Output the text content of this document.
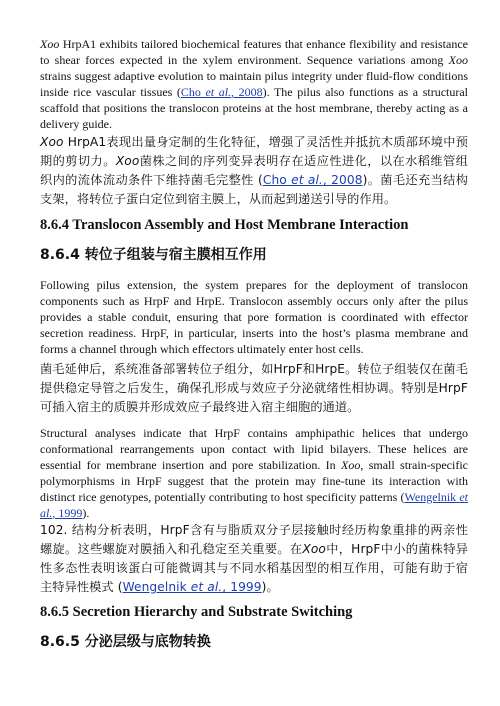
Xoo HrpA1 exhibits tailored biochemical features that enhance flexibility and resistance to shear forces expected in the xylem environment. Sequence variations among Xoo strains suggest adaptive evolution to maintain pilus integrity under fluid-flow conditions inside rice vascular tissues (Cho et al., 2008). The pilus also functions as a structural scaffold that positions the translocon proteins at the host membrane, thereby acting as a delivery guide.

Xoo HrpA1表现出量身定制的生化特征，增强了灵活性并抵抗木质部环境中预期的剪切力。Xoo菌株之间的序列变异表明存在适应性进化，以在水稻维管组织内的流体流动条件下维持菌毛完整性 (Cho et al., 2008)。菌毛还充当结构支架，将转位子蛋白定位到宿主膜上，从而起到递送引导的作用。

8.6.4 Translocon Assembly and Host Membrane Interaction
8.6.4 转位子组装与宿主膜相互作用

Following pilus extension, the system prepares for the deployment of translocon components such as HrpF and HrpE. Translocon assembly occurs only after the pilus provides a stable conduit, ensuring that pore formation is coordinated with effector secretion readiness. HrpF, in particular, inserts into the host’s plasma membrane and forms a channel through which effectors ultimately enter host cells.

菌毛延伸后，系统准备部署转位子组分，如HrpF和HrpE。转位子组装仅在菌毛提供稳定导管之后发生，确保孔形成与效应子分泌就绪性相协调。特别是HrpF可插入宿主的质膜并形成效应子最终进入宿主细胞的通道。

Structural analyses indicate that HrpF contains amphipathic helices that undergo conformational rearrangements upon contact with lipid bilayers. These helices are essential for membrane insertion and pore stabilization. In Xoo, small strain-specific polymorphisms in HrpF suggest that the protein may fine-tune its interaction with distinct rice genotypes, potentially contributing to host specificity patterns (Wengelnik et al., 1999).

102. 结构分析表明，HrpF含有与脂质双分子层接触时经历构象重排的两亲性螺旋。这些螺旋对膜插入和孔稳定至关重要。在Xoo中，HrpF中小的菌株特异性多态性表明该蛋白可能微调其与不同水稻基因型的相互作用，可能有助于宿主特异性模式 (Wengelnik et al., 1999)。

8.6.5 Secretion Hierarchy and Substrate Switching
8.6.5 分泌层级与底物转换
